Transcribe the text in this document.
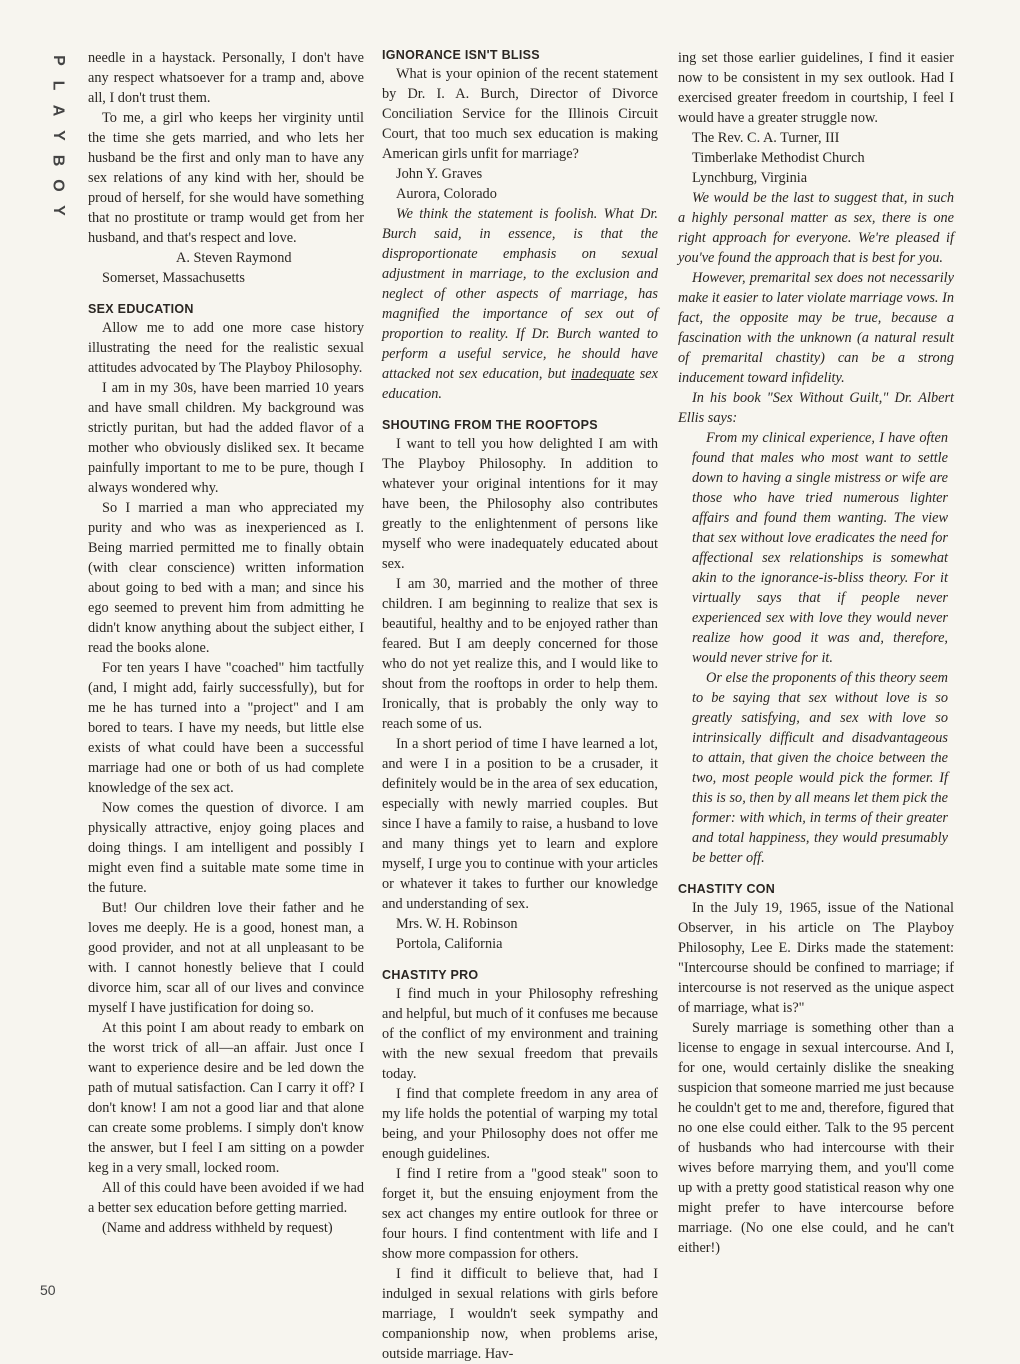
P
L
A
Y
B
O
Y
50

needle in a haystack. Personally, I don't have any respect whatsoever for a tramp and, above all, I don't trust them.

To me, a girl who keeps her virginity until the time she gets married, and who lets her husband be the first and only man to have any sex relations of any kind with her, should be proud of herself, for she would have something that no prostitute or tramp would get from her husband, and that's respect and love.

A. Steven Raymond

Somerset, Massachusetts

SEX EDUCATION

Allow me to add one more case history illustrating the need for the realistic sexual attitudes advocated by The Playboy Philosophy.

I am in my 30s, have been married 10 years and have small children. My background was strictly puritan, but had the added flavor of a mother who obviously disliked sex. It became painfully important to me to be pure, though I always wondered why.

So I married a man who appreciated my purity and who was as inexperienced as I. Being married permitted me to finally obtain (with clear conscience) written information about going to bed with a man; and since his ego seemed to prevent him from admitting he didn't know anything about the subject either, I read the books alone.

For ten years I have "coached" him tactfully (and, I might add, fairly successfully), but for me he has turned into a "project" and I am bored to tears. I have my needs, but little else exists of what could have been a successful marriage had one or both of us had complete knowledge of the sex act.

Now comes the question of divorce. I am physically attractive, enjoy going places and doing things. I am intelligent and possibly I might even find a suitable mate some time in the future.

But! Our children love their father and he loves me deeply. He is a good, honest man, a good provider, and not at all unpleasant to be with. I cannot honestly believe that I could divorce him, scar all of our lives and convince myself I have justification for doing so.

At this point I am about ready to embark on the worst trick of all—an affair. Just once I want to experience desire and be led down the path of mutual satisfaction. Can I carry it off? I don't know! I am not a good liar and that alone can create some problems. I simply don't know the answer, but I feel I am sitting on a powder keg in a very small, locked room.

All of this could have been avoided if we had a better sex education before getting married.

(Name and address withheld by request)

IGNORANCE ISN'T BLISS

What is your opinion of the recent statement by Dr. I. A. Burch, Director of Divorce Conciliation Service for the Illinois Circuit Court, that too much sex education is making American girls unfit for marriage?

John Y. Graves

Aurora, Colorado

We think the statement is foolish. What Dr. Burch said, in essence, is that the disproportionate emphasis on sexual adjustment in marriage, to the exclusion and neglect of other aspects of marriage, has magnified the importance of sex out of proportion to reality. If Dr. Burch wanted to perform a useful service, he should have attacked not sex education, but inadequate sex education.

SHOUTING FROM THE ROOFTOPS

I want to tell you how delighted I am with The Playboy Philosophy. In addition to whatever your original intentions for it may have been, the Philosophy also contributes greatly to the enlightenment of persons like myself who were inadequately educated about sex.

I am 30, married and the mother of three children. I am beginning to realize that sex is beautiful, healthy and to be enjoyed rather than feared. But I am deeply concerned for those who do not yet realize this, and I would like to shout from the rooftops in order to help them. Ironically, that is probably the only way to reach some of us.

In a short period of time I have learned a lot, and were I in a position to be a crusader, it definitely would be in the area of sex education, especially with newly married couples. But since I have a family to raise, a husband to love and many things yet to learn and explore myself, I urge you to continue with your articles or whatever it takes to further our knowledge and understanding of sex.

Mrs. W. H. Robinson

Portola, California

CHASTITY PRO

I find much in your Philosophy refreshing and helpful, but much of it confuses me because of the conflict of my environment and training with the new sexual freedom that prevails today.

I find that complete freedom in any area of my life holds the potential of warping my total being, and your Philosophy does not offer me enough guidelines.

I find I retire from a "good steak" soon to forget it, but the ensuing enjoyment from the sex act changes my entire outlook for three or four hours. I find contentment with life and I show more compassion for others.

I find it difficult to believe that, had I indulged in sexual relations with girls before marriage, I wouldn't seek sympathy and companionship now, when problems arise, outside marriage. Hav-

ing set those earlier guidelines, I find it easier now to be consistent in my sex outlook. Had I exercised greater freedom in courtship, I feel I would have a greater struggle now.

The Rev. C. A. Turner, III

Timberlake Methodist Church

Lynchburg, Virginia

We would be the last to suggest that, in such a highly personal matter as sex, there is one right approach for everyone. We're pleased if you've found the approach that is best for you.

However, premarital sex does not necessarily make it easier to later violate marriage vows. In fact, the opposite may be true, because a fascination with the unknown (a natural result of premarital chastity) can be a strong inducement toward infidelity.

In his book "Sex Without Guilt," Dr. Albert Ellis says:

From my clinical experience, I have often found that males who most want to settle down to having a single mistress or wife are those who have tried numerous lighter affairs and found them wanting. The view that sex without love eradicates the need for affectional sex relationships is somewhat akin to the ignorance-is-bliss theory. For it virtually says that if people never experienced sex with love they would never realize how good it was and, therefore, would never strive for it.

Or else the proponents of this theory seem to be saying that sex without love is so greatly satisfying, and sex with love so intrinsically difficult and disadvantageous to attain, that given the choice between the two, most people would pick the former. If this is so, then by all means let them pick the former: with which, in terms of their greater and total happiness, they would presumably be better off.

CHASTITY CON

In the July 19, 1965, issue of the National Observer, in his article on The Playboy Philosophy, Lee E. Dirks made the statement: "Intercourse should be confined to marriage; if intercourse is not reserved as the unique aspect of marriage, what is?"

Surely marriage is something other than a license to engage in sexual intercourse. And I, for one, would certainly dislike the sneaking suspicion that someone married me just because he couldn't get to me and, therefore, figured that no one else could either. Talk to the 95 percent of husbands who had intercourse with their wives before marrying them, and you'll come up with a pretty good statistical reason why one might prefer to have intercourse before marriage. (No one else could, and he can't either!)
